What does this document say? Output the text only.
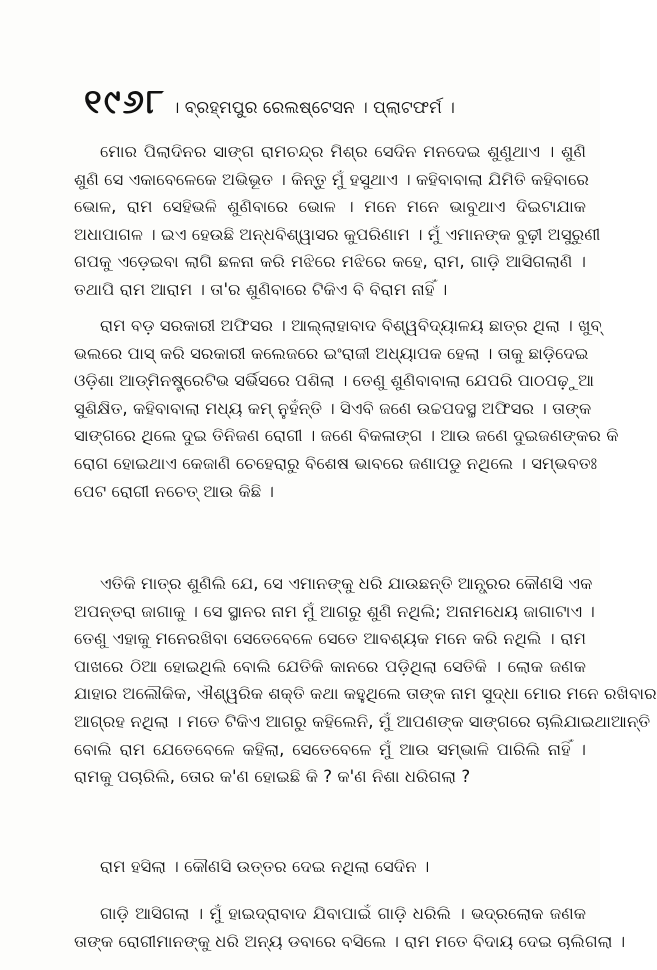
୧୯୬୮ । ବ୍ରହ୍ମପୁର ରେଲଷ୍ଟେସନ । ପ୍ଲାଟଫର୍ମ ।
ମୋର ପିଲାଦିନର ସାଙ୍ଗ ରାମଚନ୍ଦ୍ର ମିଶ୍ର ସେଦିନ ମନଦେଇ ଶୁଣୁଥାଏ । ଶୁଣି
ଶୁଣି ସେ ଏକାବେଳେକେ ଅଭିଭୂତ । କିନ୍ତୁ ମୁଁ ହସୁଥାଏ । କହିବାବାଲା ଯିମିତି କହିବାରେ
ଭୋଳ, ରାମ ସେହିଭଳି ଶୁଣିବାରେ ଭୋଳ । ମନେ ମନେ ଭାବୁଥାଏ ଦିଇଟାଯାକ
ଅଧାପାଗଳ । ଇଏ ହେଉଛି ଅନ୍ଧବିଶ୍ୱାସର କୁପରିଣାମ । ମୁଁ ଏମାନଙ୍କ ବୁଢ଼ୀ ଅସୁରୁଣୀ
ଗପକୁ ଏଡ଼େଇବା ଲାଗି ଛଳନା କରି ମଝିରେ ମଝିରେ କହେ, ରାମ, ଗାଡ଼ି ଆସିଗଲାଣି ।
ତଥାପି ରାମ ଆରାମ । ତା'ର ଶୁଣିବାରେ ଟିକିଏ ବି ବିରାମ ନାହିଁ ।
ରାମ ବଡ଼ ସରକାରୀ ଅଫିସର । ଆଲ୍ଲାହାବାଦ ବିଶ୍ୱବିଦ୍ୟାଳୟ ଛାତ୍ର ଥିଲା । ଖୁବ୍
ଭଲରେ ପାସ୍ କରି ସରକାରୀ କଲେଜରେ ଇଂରାଜୀ ଅଧ୍ୟାପକ ହେଲା । ତାକୁ ଛାଡ଼ିଦେଇ
ଓଡ଼ିଶା ଆଡ୍‌ମିନଷ୍ଟ୍ରେଟିଭ ସର୍ଭିସରେ ପଶିଲା । ତେଣୁ ଶୁଣିବାବାଲା ଯେପରି ପାଠପଢ଼ୁଆ
ସୁଶିକ୍ଷିତ, କହିବାବାଲା ମଧ୍ୟ କମ୍ ନୁହଁନ୍ତି । ସିଏବି ଜଣେ ଉଚ୍ଚପଦସ୍ଥ ଅଫିସର । ତାଙ୍କ
ସାଙ୍ଗରେ ଥିଲେ ଦୁଇ ତିନିଜଣ ରୋଗୀ । ଜଣେ ବିକଳାଙ୍ଗ । ଆଉ ଜଣେ ଦୁଇଜଣଙ୍କର କି
ରୋଗ ହୋଇଥାଏ କେଜାଣି ଚେହେରାରୁ ବିଶେଷ ଭାବରେ ଜଣାପଡୁ ନଥିଲେ । ସମ୍ଭବତଃ
ପେଟ ରୋଗୀ ନଚେତ୍ ଆଉ କିଛି ।
ଏତିକି ମାତ୍ର ଶୁଣିଲି ଯେ, ସେ ଏମାନଙ୍କୁ ଧରି ଯାଉଛନ୍ତି ଆନ୍ଧ୍ରର କୌଣସି ଏକ
ଅପନ୍ତରା ଜାଗାକୁ । ସେ ସ୍ଥାନର ନାମ ମୁଁ ଆଗରୁ ଶୁଣି ନଥିଲି; ଅନାମଧେୟ ଜାଗାଟାଏ ।
ତେଣୁ ଏହାକୁ ମନେରଖିବା ସେତେବେଳେ ସେତେ ଆବଶ୍ୟକ ମନେ କରି ନଥିଲି । ରାମ
ପାଖରେ ଠିଆ ହୋଇଥିଲି ବୋଲି ଯେତିକି କାନରେ ପଡ଼ିଥିଲା ସେତିକି । ଲୋକ ଜଣକ
ଯାହାର ଅଲୌକିକ, ଐଶ୍ୱରିକ ଶକ୍ତି କଥା କହୁଥିଲେ ତାଙ୍କ ନାମ ସୁଦ୍ଧା ମୋର ମନେ ରଖିବାର
ଆଗ୍ରହ ନଥିଲା । ମତେ ଟିକିଏ ଆଗରୁ କହିଲେନି, ମୁଁ ଆପଣଙ୍କ ସାଙ୍ଗରେ ଚାଲିଯାଇଥାଆନ୍ତି
ବୋଲି ରାମ ଯେତେବେଳେ କହିଲା, ସେତେବେଳେ ମୁଁ ଆଉ ସମ୍ଭାଳି ପାରିଲି ନାହିଁ ।
ରାମକୁ ପଚାରିଲି, ତୋର କ'ଣ ହୋଇଛି କି ? କ'ଣ ନିଶା ଧରିଗଲା ?
ରାମ ହସିଲା । କୌଣସି ଉତ୍ତର ଦେଇ ନଥିଲା ସେଦିନ ।
ଗାଡ଼ି ଆସିଗଲା । ମୁଁ ହାଇଦ୍ରାବାଦ ଯିବାପାଇଁ ଗାଡ଼ି ଧରିଲି । ଭଦ୍ରଲୋକ ଜଣକ
ତାଙ୍କ ରୋଗୀମାନଙ୍କୁ ଧରି ଅନ୍ୟ ଡବାରେ ବସିଲେ । ରାମ ମତେ ବିଦାୟ ଦେଇ ଚାଲିଗଲା ।
